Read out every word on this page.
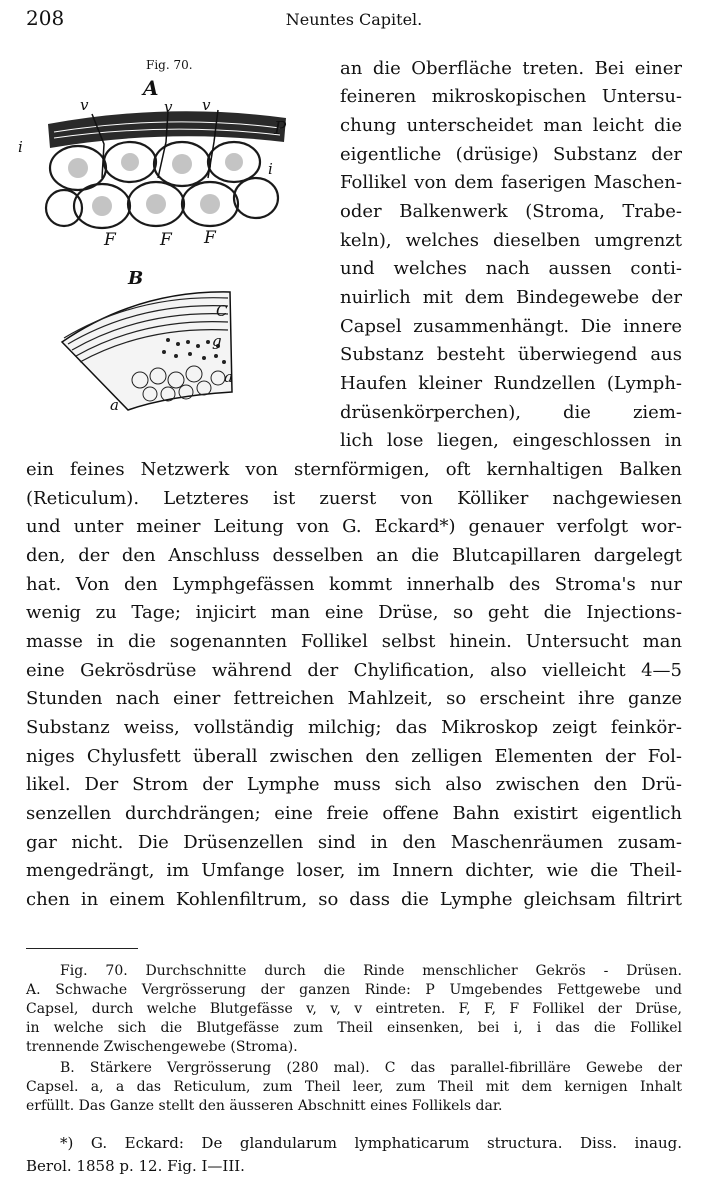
208	Neuntes Capitel.
Fig. 70.
A
v	v v
P
i
i
F	F F
B
C
g
a
a
an die Oberfläche treten. Bei einer
feineren mikroskopischen Untersu-
chung unterscheidet man leicht die
eigentliche (drüsige) Substanz der
Follikel von dem faserigen Maschen-
oder Balkenwerk (Stroma, Trabe-
keln), welches dieselben umgrenzt
und welches nach aussen conti-
nuirlich mit dem Bindegewebe der
Capsel zusammenhängt. Die innere
Substanz besteht überwiegend aus
Haufen kleiner Rundzellen (Lymph-
drüsenkörperchen), die ziem-
lich lose liegen, eingeschlossen in
ein feines Netzwerk von sternförmigen, oft kernhaltigen Balken
(Reticulum). Letzteres ist zuerst von Kölliker nachgewiesen
und unter meiner Leitung von G. Eckard*) genauer verfolgt wor-
den, der den Anschluss desselben an die Blutcapillaren dargelegt
hat. Von den Lymphgefässen kommt innerhalb des Stroma's nur
wenig zu Tage; injicirt man eine Drüse, so geht die Injections-
masse in die sogenannten Follikel selbst hinein. Untersucht man
eine Gekrösdrüse während der Chylification, also vielleicht 4—5
Stunden nach einer fettreichen Mahlzeit, so erscheint ihre ganze
Substanz weiss, vollständig milchig; das Mikroskop zeigt feinkör-
niges Chylusfett überall zwischen den zelligen Elementen der Fol-
likel. Der Strom der Lymphe muss sich also zwischen den Drü-
senzellen durchdrängen; eine freie offene Bahn existirt eigentlich
gar nicht. Die Drüsenzellen sind in den Maschenräumen zusam-
mengedrängt, im Umfange loser, im Innern dichter, wie die Theil-
chen in einem Kohlenfiltrum, so dass die Lymphe gleichsam filtrirt
Fig. 70. Durchschnitte durch die Rinde menschlicher Gekrös - Drüsen.
A. Schwache Vergrösserung der ganzen Rinde: P Umgebendes Fettgewebe und
Capsel, durch welche Blutgefässe v, v, v eintreten. F, F, F Follikel der Drüse,
in welche sich die Blutgefässe zum Theil einsenken, bei i, i das die Follikel
trennende Zwischengewebe (Stroma).
B. Stärkere Vergrösserung (280 mal). C das parallel-fibrilläre Gewebe der
Capsel. a, a das Reticulum, zum Theil leer, zum Theil mit dem kernigen Inhalt
erfüllt. Das Ganze stellt den äusseren Abschnitt eines Follikels dar.
*) G. Eckard: De glandularum lymphaticarum structura. Diss. inaug.
Berol. 1858 p. 12. Fig. I—III.
